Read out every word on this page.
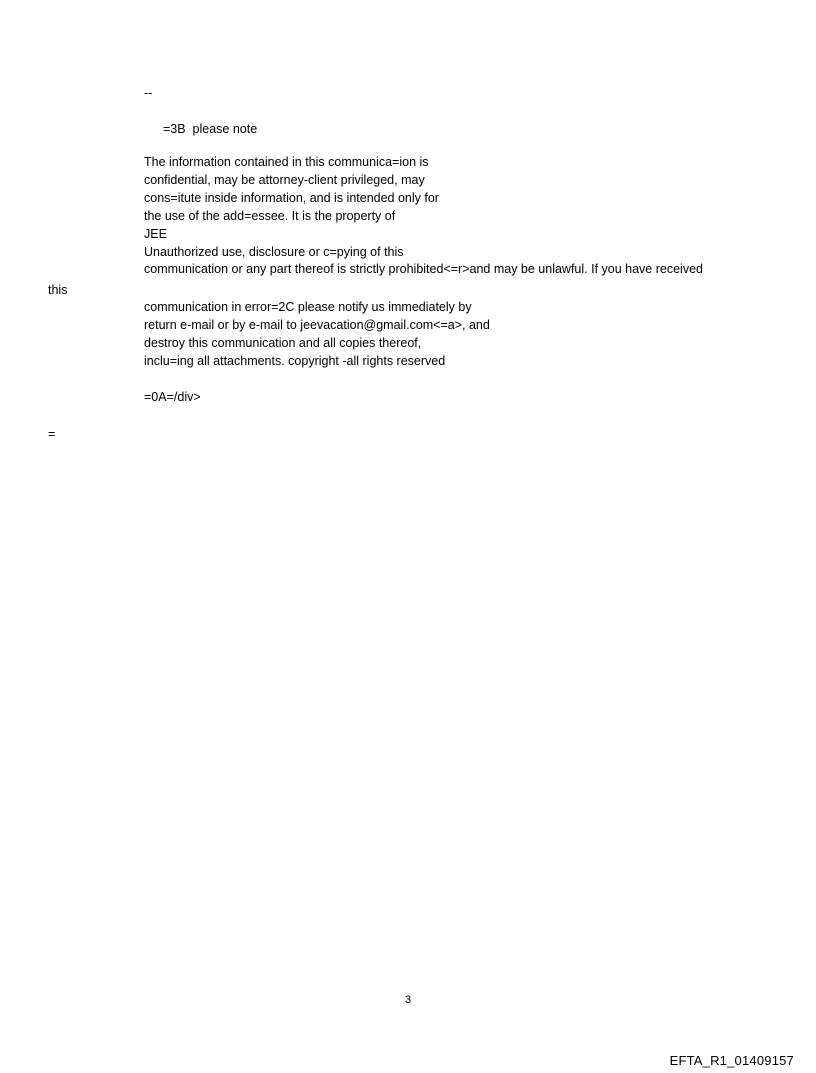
--
=3B  please note
The information contained in this communica=ion is
confidential, may be attorney-client privileged, may
cons=itute inside information, and is intended only for
the use of the add=essee. It is the property of
JEE
Unauthorized use, disclosure or c=pying of this
communication or any part thereof is strictly prohibited<=r>and may be unlawful. If you have received
this
communication in error=2C please notify us immediately by
return e-mail or by e-mail to jeevacation@gmail.com<=a>, and
destroy this communication and all copies thereof,
inclu=ing all attachments. copyright -all rights reserved
=0A=/div>
=
3
EFTA_R1_01409157
